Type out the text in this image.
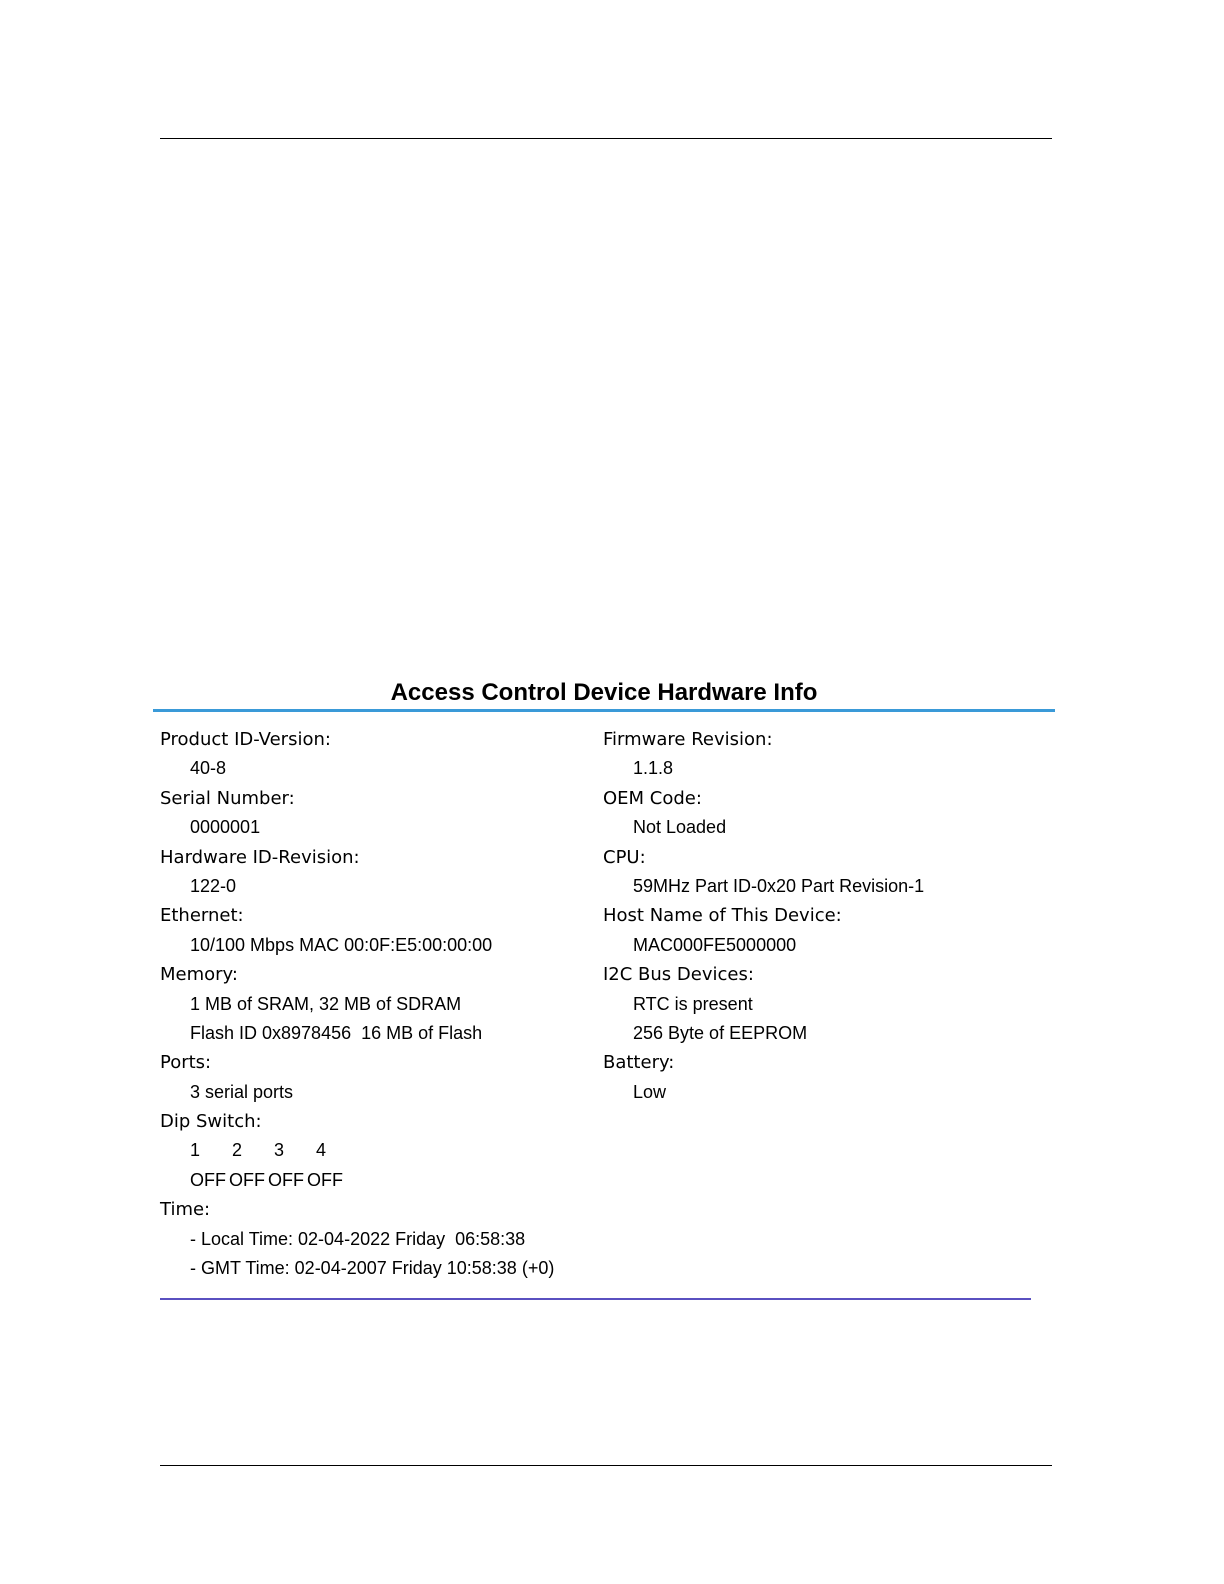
Access Control Device Hardware Info
Product ID-Version:
40-8
Serial Number:
0000001
Hardware ID-Revision:
122-0
Ethernet:
10/100 Mbps MAC 00:0F:E5:00:00:00
Memory:
1 MB of SRAM, 32 MB of SDRAM
Flash ID 0x8978456  16 MB of Flash
Ports:
3 serial ports
Dip Switch:
1 2 3 4
OFF OFF OFF OFF
Time:
- Local Time: 02-04-2022 Friday  06:58:38
- GMT Time: 02-04-2007 Friday 10:58:38 (+0)
Firmware Revision:
1.1.8
OEM Code:
Not Loaded
CPU:
59MHz Part ID-0x20 Part Revision-1
Host Name of This Device:
MAC000FE5000000
I2C Bus Devices:
RTC is present
256 Byte of EEPROM
Battery:
Low
